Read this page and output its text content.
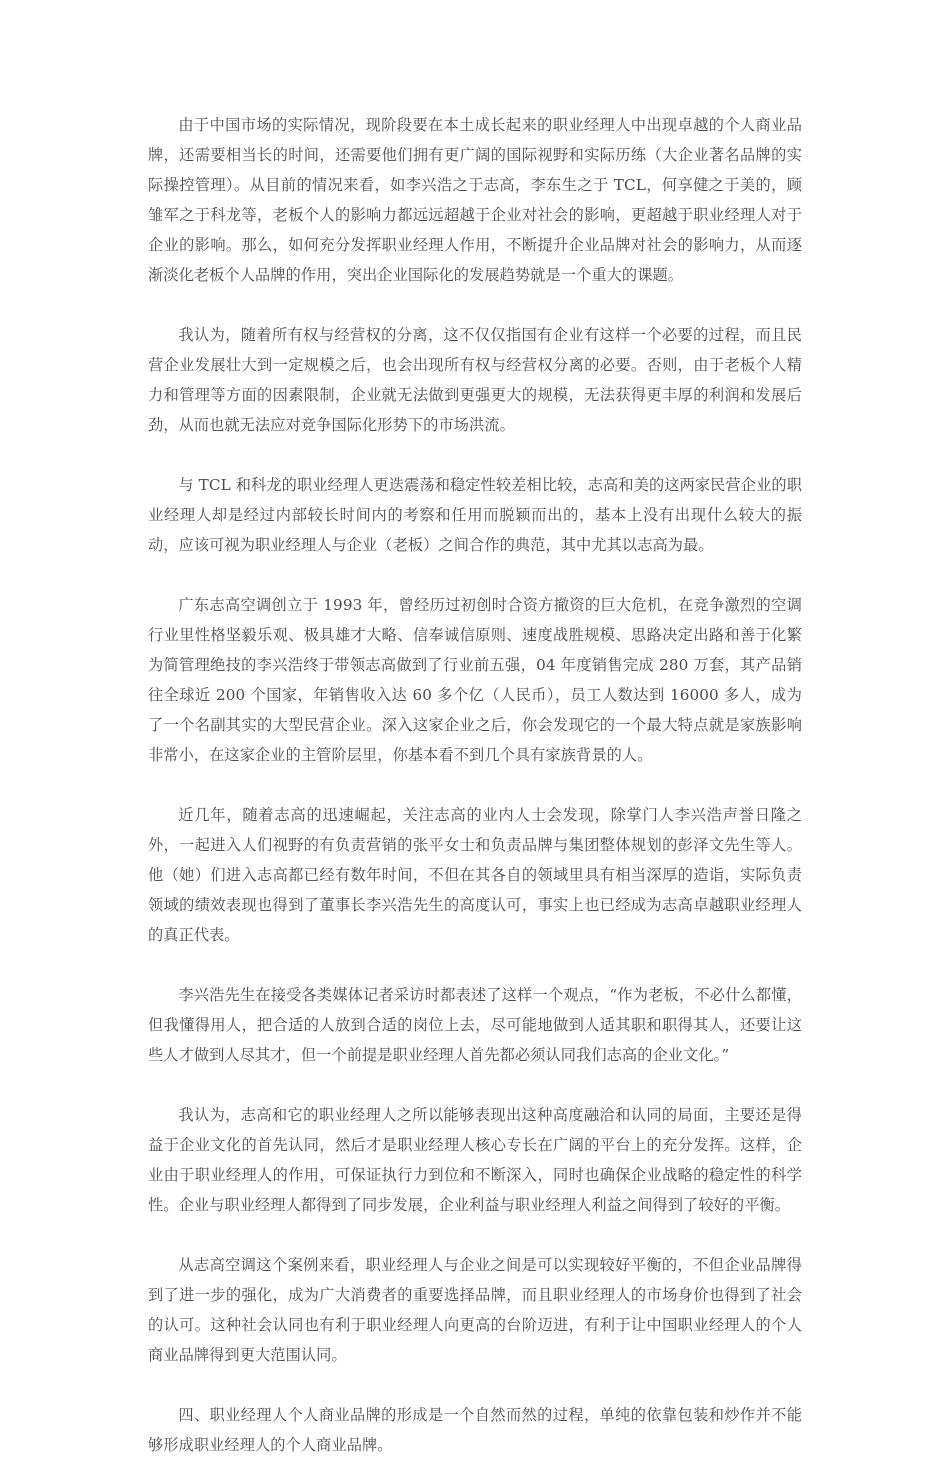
由于中国市场的实际情况，现阶段要在本土成长起来的职业经理人中出现卓越的个人商业品牌，还需要相当长的时间，还需要他们拥有更广阔的国际视野和实际历练（大企业著名品牌的实际操控管理）。从目前的情况来看，如李兴浩之于志高，李东生之于 TCL，何享健之于美的，顾雏军之于科龙等，老板个人的影响力都远远超越于企业对社会的影响，更超越于职业经理人对于企业的影响。那么，如何充分发挥职业经理人作用，不断提升企业品牌对社会的影响力，从而逐渐淡化老板个人品牌的作用，突出企业国际化的发展趋势就是一个重大的课题。

我认为，随着所有权与经营权的分离，这不仅仅指国有企业有这样一个必要的过程，而且民营企业发展壮大到一定规模之后，也会出现所有权与经营权分离的必要。否则，由于老板个人精力和管理等方面的因素限制，企业就无法做到更强更大的规模，无法获得更丰厚的利润和发展后劲，从而也就无法应对竞争国际化形势下的市场洪流。

与 TCL 和科龙的职业经理人更迭震荡和稳定性较差相比较，志高和美的这两家民营企业的职业经理人却是经过内部较长时间内的考察和任用而脱颖而出的，基本上没有出现什么较大的振动，应该可视为职业经理人与企业（老板）之间合作的典范，其中尤其以志高为最。

广东志高空调创立于 1993 年，曾经历过初创时合资方撤资的巨大危机，在竞争激烈的空调行业里性格坚毅乐观、极具雄才大略、信奉诚信原则、速度战胜规模、思路决定出路和善于化繁为简管理绝技的李兴浩终于带领志高做到了行业前五强，04 年度销售完成 280 万套，其产品销往全球近 200 个国家，年销售收入达 60 多个亿（人民币），员工人数达到 16000 多人，成为了一个名副其实的大型民营企业。深入这家企业之后，你会发现它的一个最大特点就是家族影响非常小，在这家企业的主管阶层里，你基本看不到几个具有家族背景的人。

近几年，随着志高的迅速崛起，关注志高的业内人士会发现，除掌门人李兴浩声誉日隆之外，一起进入人们视野的有负责营销的张平女士和负责品牌与集团整体规划的彭泽文先生等人。他（她）们进入志高都已经有数年时间，不但在其各自的领域里具有相当深厚的造诣，实际负责领域的绩效表现也得到了董事长李兴浩先生的高度认可，事实上也已经成为志高卓越职业经理人的真正代表。

李兴浩先生在接受各类媒体记者采访时都表述了这样一个观点，“作为老板，不必什么都懂，但我懂得用人，把合适的人放到合适的岗位上去，尽可能地做到人适其职和职得其人，还要让这些人才做到人尽其才，但一个前提是职业经理人首先都必须认同我们志高的企业文化。”

我认为，志高和它的职业经理人之所以能够表现出这种高度融洽和认同的局面，主要还是得益于企业文化的首先认同，然后才是职业经理人核心专长在广阔的平台上的充分发挥。这样，企业由于职业经理人的作用，可保证执行力到位和不断深入，同时也确保企业战略的稳定性的科学性。企业与职业经理人都得到了同步发展，企业利益与职业经理人利益之间得到了较好的平衡。

从志高空调这个案例来看，职业经理人与企业之间是可以实现较好平衡的，不但企业品牌得到了进一步的强化，成为广大消费者的重要选择品牌，而且职业经理人的市场身价也得到了社会的认可。这种社会认同也有利于职业经理人向更高的台阶迈进，有利于让中国职业经理人的个人商业品牌得到更大范围认同。

四、职业经理人个人商业品牌的形成是一个自然而然的过程，单纯的依靠包装和炒作并不能够形成职业经理人的个人商业品牌。
